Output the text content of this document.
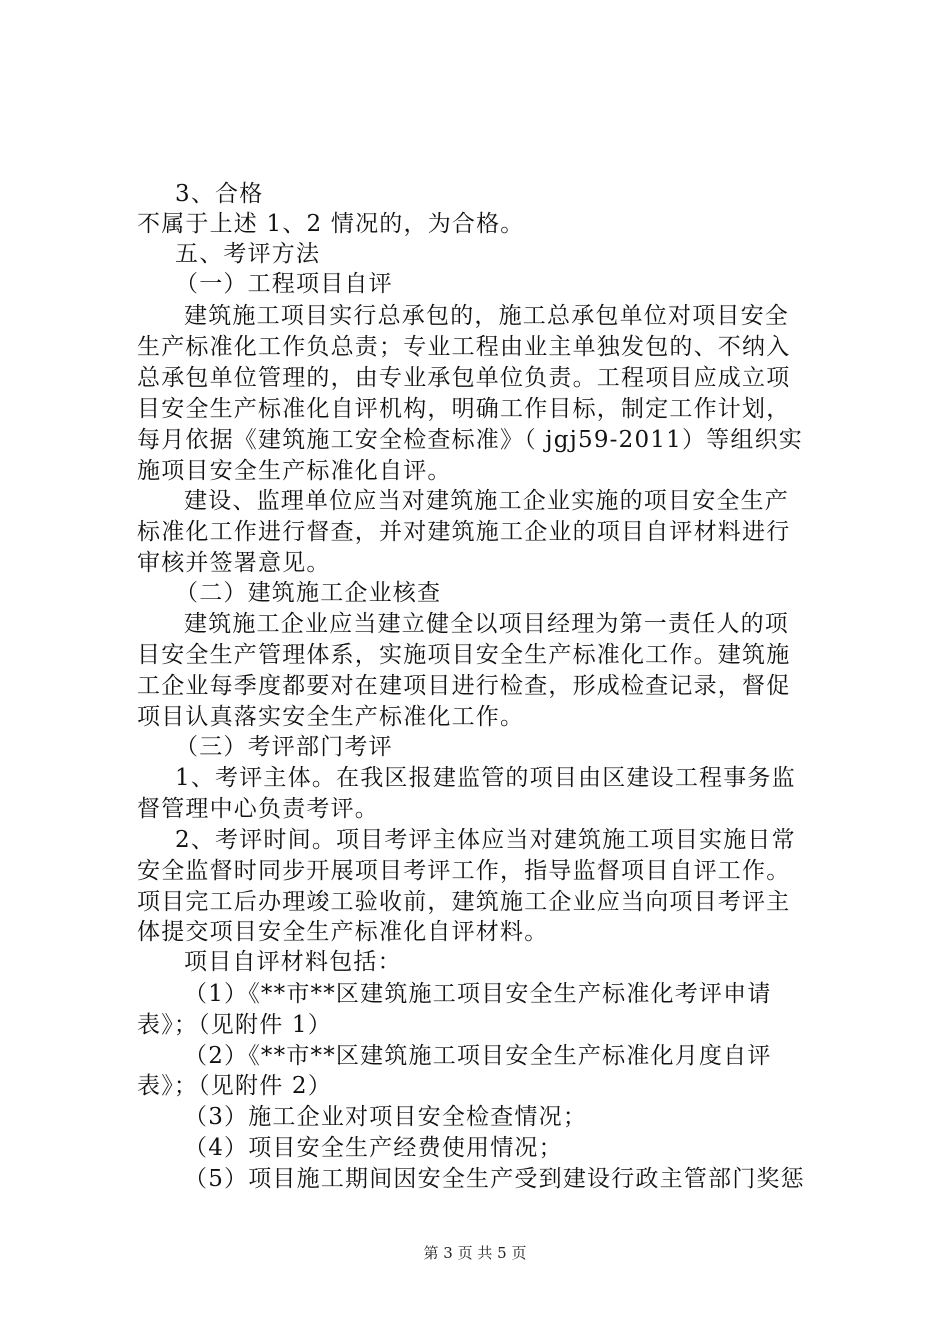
3、合格
不属于上述 1、2 情况的，为合格。
五、考评方法
（一）工程项目自评
建筑施工项目实行总承包的，施工总承包单位对项目安全
生产标准化工作负总责；专业工程由业主单独发包的、不纳入
总承包单位管理的，由专业承包单位负责。工程项目应成立项
目安全生产标准化自评机构，明确工作目标，制定工作计划，
每月依据《建筑施工安全检查标准》（ jgj59-2011）等组织实
施项目安全生产标准化自评。
建设、监理单位应当对建筑施工企业实施的项目安全生产
标准化工作进行督查，并对建筑施工企业的项目自评材料进行
审核并签署意见。
（二）建筑施工企业核查
建筑施工企业应当建立健全以项目经理为第一责任人的项
目安全生产管理体系，实施项目安全生产标准化工作。建筑施
工企业每季度都要对在建项目进行检查，形成检查记录，督促
项目认真落实安全生产标准化工作。
（三）考评部门考评
1、考评主体。在我区报建监管的项目由区建设工程事务监
督管理中心负责考评。
2、考评时间。项目考评主体应当对建筑施工项目实施日常
安全监督时同步开展项目考评工作，指导监督项目自评工作。
项目完工后办理竣工验收前，建筑施工企业应当向项目考评主
体提交项目安全生产标准化自评材料。
项目自评材料包括：
（1）《**市**区建筑施工项目安全生产标准化考评申请
表》；（见附件 1）
（2）《**市**区建筑施工项目安全生产标准化月度自评
表》；（见附件 2）
（3）施工企业对项目安全检查情况；
（4）项目安全生产经费使用情况；
（5）项目施工期间因安全生产受到建设行政主管部门奖惩
第 3 页 共 5 页
